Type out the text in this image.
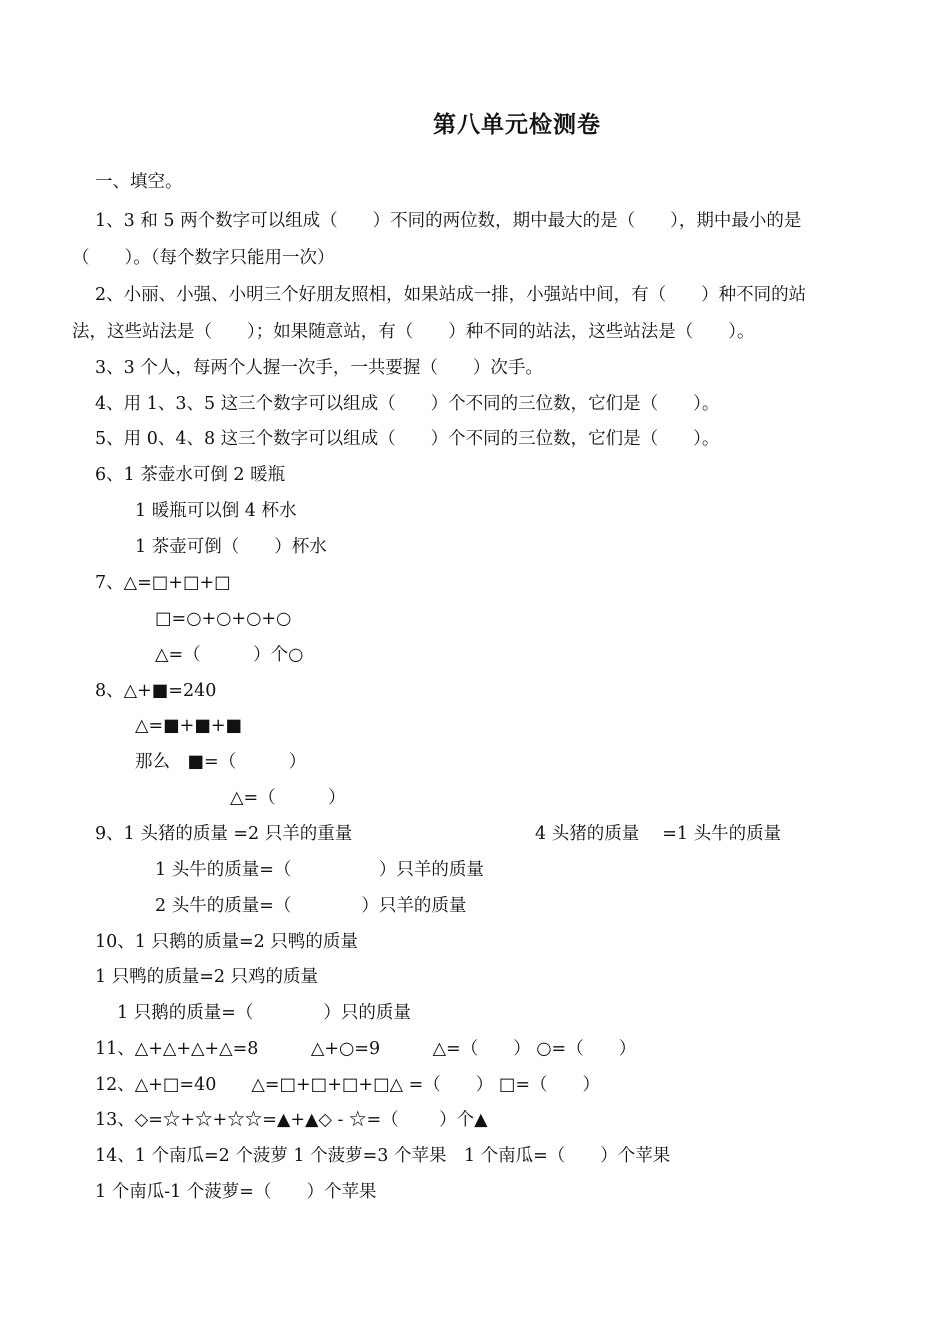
第八单元检测卷
一、填空。
1、3 和 5 两个数字可以组成（　　）不同的两位数，期中最大的是（　　），期中最小的是
（　　）。（每个数字只能用一次）
2、小丽、小强、小明三个好朋友照相，如果站成一排，小强站中间，有（　　）种不同的站
法，这些站法是（　　）；如果随意站，有（　　）种不同的站法，这些站法是（　　）。
3、3 个人，每两个人握一次手，一共要握（　　）次手。
4、用 1、3、5 这三个数字可以组成（　　）个不同的三位数，它们是（　　）。
5、用 0、4、8 这三个数字可以组成（　　）个不同的三位数，它们是（　　）。
6、1 茶壶水可倒 2 暖瓶
1 暖瓶可以倒 4 杯水
1 茶壶可倒（　　）杯水
7、△=□+□+□
□=○+○+○+○
△=（　　　）个○
8、△+■=240
△=■+■+■
那么　■=（　　　）
△=（　　　）
9、1 头猪的质量 =2 只羊的重量	4 头猪的质量　 =1 头牛的质量
1 头牛的质量=（　　　　　）只羊的质量
2 头牛的质量=（　　　　）只羊的质量
10、1 只鹅的质量=2 只鸭的质量
1 只鸭的质量=2 只鸡的质量
1 只鹅的质量=（　　　　）只的质量
11、△+△+△+△=8　　　△+○=9　　　△=（　　） ○=（　　）
12、△+□=40　　△=□+□+□+□△ =（　　） □=（　　）
13、◇=☆+☆+☆☆=▲+▲◇ - ☆=（　　 ）个▲
14、1 个南瓜=2 个菠萝 1 个菠萝=3 个苹果　1 个南瓜=（　　）个苹果
1 个南瓜-1 个菠萝=（　　）个苹果
